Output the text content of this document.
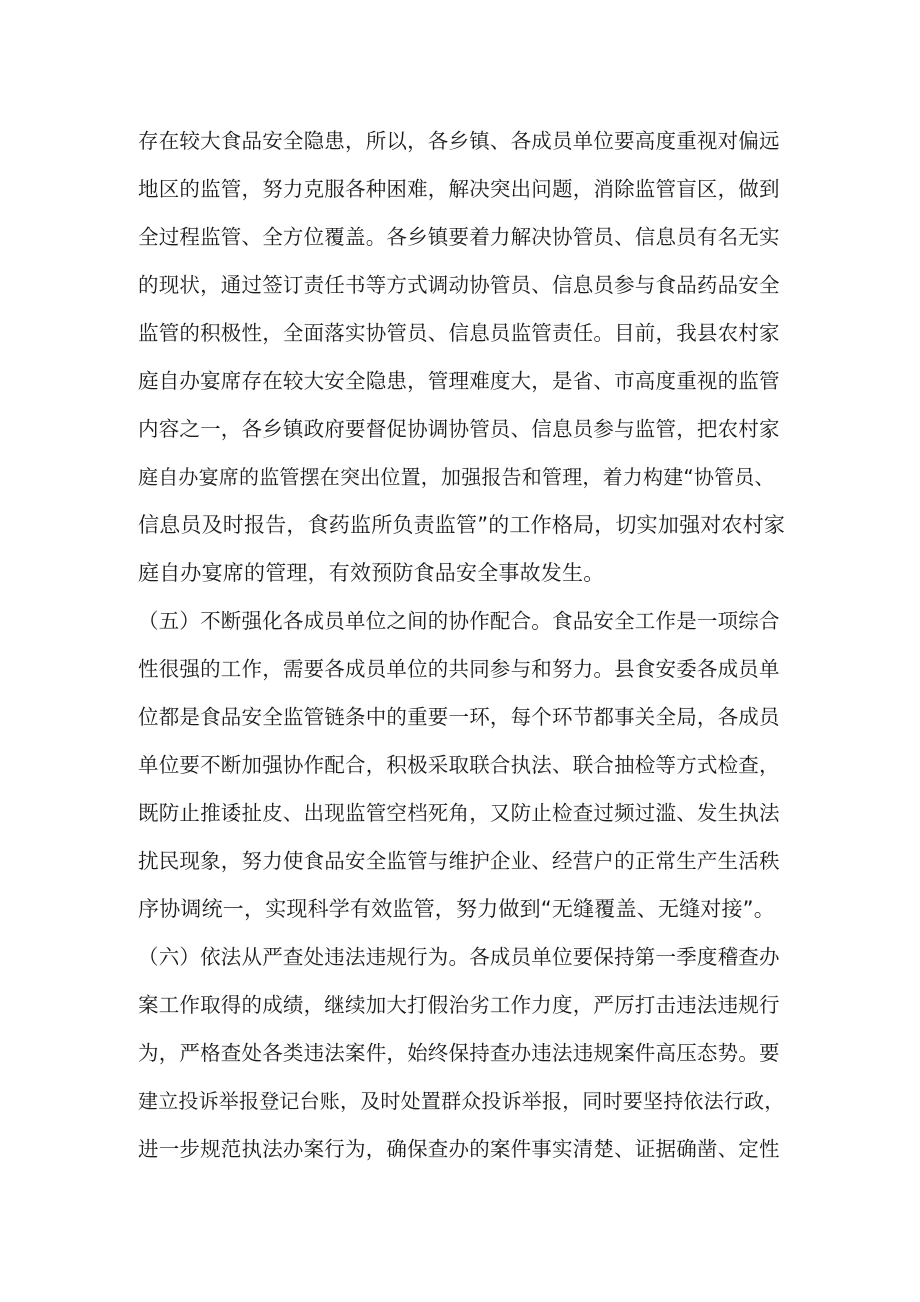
存在较大食品安全隐患，所以，各乡镇、各成员单位要高度重视对偏远
地区的监管，努力克服各种困难，解决突出问题，消除监管盲区，做到
全过程监管、全方位覆盖。各乡镇要着力解决协管员、信息员有名无实
的现状，通过签订责任书等方式调动协管员、信息员参与食品药品安全
监管的积极性，全面落实协管员、信息员监管责任。目前，我县农村家
庭自办宴席存在较大安全隐患，管理难度大，是省、市高度重视的监管
内容之一，各乡镇政府要督促协调协管员、信息员参与监管，把农村家
庭自办宴席的监管摆在突出位置，加强报告和管理，着力构建“协管员、
信息员及时报告，食药监所负责监管”的工作格局，切实加强对农村家
庭自办宴席的管理，有效预防食品安全事故发生。
（五）不断强化各成员单位之间的协作配合。食品安全工作是一项综合
性很强的工作，需要各成员单位的共同参与和努力。县食安委各成员单
位都是食品安全监管链条中的重要一环，每个环节都事关全局，各成员
单位要不断加强协作配合，积极采取联合执法、联合抽检等方式检查，
既防止推诿扯皮、出现监管空档死角，又防止检查过频过滥、发生执法
扰民现象，努力使食品安全监管与维护企业、经营户的正常生产生活秩
序协调统一，实现科学有效监管，努力做到“无缝覆盖、无缝对接”。
（六）依法从严查处违法违规行为。各成员单位要保持第一季度稽查办
案工作取得的成绩，继续加大打假治劣工作力度，严厉打击违法违规行
为，严格查处各类违法案件，始终保持查办违法违规案件高压态势。要
建立投诉举报登记台账，及时处置群众投诉举报，同时要坚持依法行政，
进一步规范执法办案行为，确保查办的案件事实清楚、证据确凿、定性
